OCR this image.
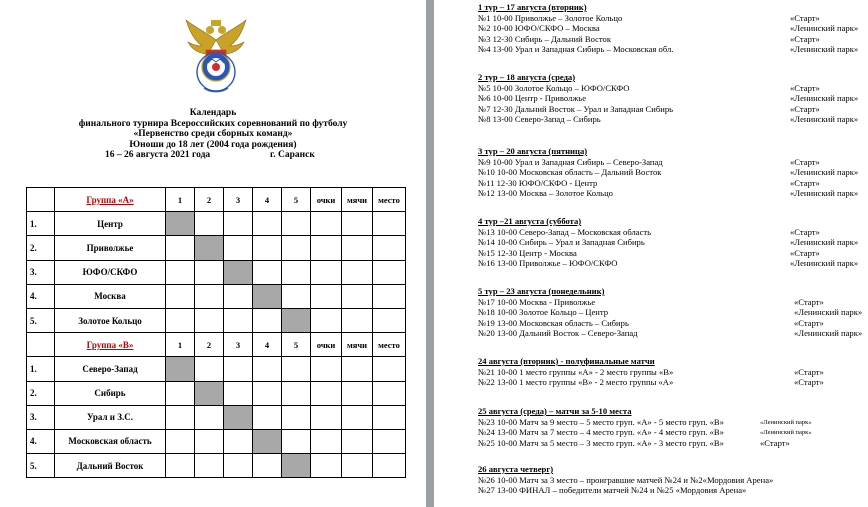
Календарь
финального турнира Всероссийских соревнований по футболу
«Первенство среди сборных команд»
Юноши до 18 лет (2004 года рождения)
16 – 26 августа 2021 года	г. Саранск
	Группа «А»	1	2	3	4	5	очки	мячи	место
1.	Центр								
2.	Приволжье								
3.	ЮФО/СКФО								
4.	Москва								
5.	Золотое Кольцо								
	Группа «В»	1	2	3	4	5	очки	мячи	место
1.	Северо-Запад								
2.	Сибирь								
3.	Урал и З.С.								
4.	Московская область								
5.	Дальний Восток								
1 тур – 17 августа (вторник)
№1 10-00 Приволжье – Золотое Кольцо	«Старт»
№2 10-00 ЮФО/СКФО – Москва	«Ленинский парк»
№3 12-30 Сибирь – Дальний Восток	«Старт»
№4 13-00 Урал и Западная Сибирь – Московская обл.	«Ленинский парк»
2 тур – 18 августа (среда)
№5 10-00 Золотое Кольцо – ЮФО/СКФО	«Старт»
№6 10-00 Центр - Приволжье	«Ленинский парк»
№7 12-30 Дальний Восток – Урал и Западная Сибирь	«Старт»
№8 13-00 Северо-Запад – Сибирь	«Ленинский парк»
3 тур – 20 августа (пятница)
№9 10-00 Урал и Западная Сибирь – Северо-Запад	«Старт»
№10 10-00 Московская область – Дальний Восток	«Ленинский парк»
№11 12-30 ЮФО/СКФО - Центр	«Старт»
№12 13-00 Москва – Золотое Кольцо	«Ленинский парк»
4 тур –21 августа (суббота)
№13 10-00 Северо-Запад – Московская область	«Старт»
№14 10-00 Сибирь – Урал и Западная Сибирь	«Ленинский парк»
№15 12-30 Центр - Москва	«Старт»
№16 13-00 Приволжье – ЮФО/СКФО	«Ленинский парк»
5 тур – 23 августа (понедельник)
№17 10-00 Москва - Приволжье	«Старт»
№18 10-00 Золотое Кольцо – Центр	«Ленинский парк»
№19 13-00 Московская область – Сибирь	«Старт»
№20 13-00 Дальний Восток – Северо-Запад	«Ленинский парк»
24 августа (вторник) - полуфинальные матчи
№21 10-00 1 место группы «А» - 2 место группы «В»	«Старт»
№22 13-00 1 место группы «В» - 2 место группы «А»	«Старт»
25 августа (среда) – матчи за 5-10 места
№23 10-00 Матч за 9 место – 5 место груп. «А» - 5 место груп. «В»	«Ленинский парк»
№24 13-00 Матч за 7 место – 4 место груп. «А» - 4 место груп. «В»	«Ленинский парк»
№25 10-00 Матч за 5 место – 3 место груп. «А» - 3 место груп. «В»	«Старт»
26 августа четверг)
№26 10-00 Матч за 3 место – проигравшие матчей №24 и №2«Мордовия Арена»
№27 13-00 ФИНАЛ – победители матчей №24 и №25 «Мордовия Арена»
